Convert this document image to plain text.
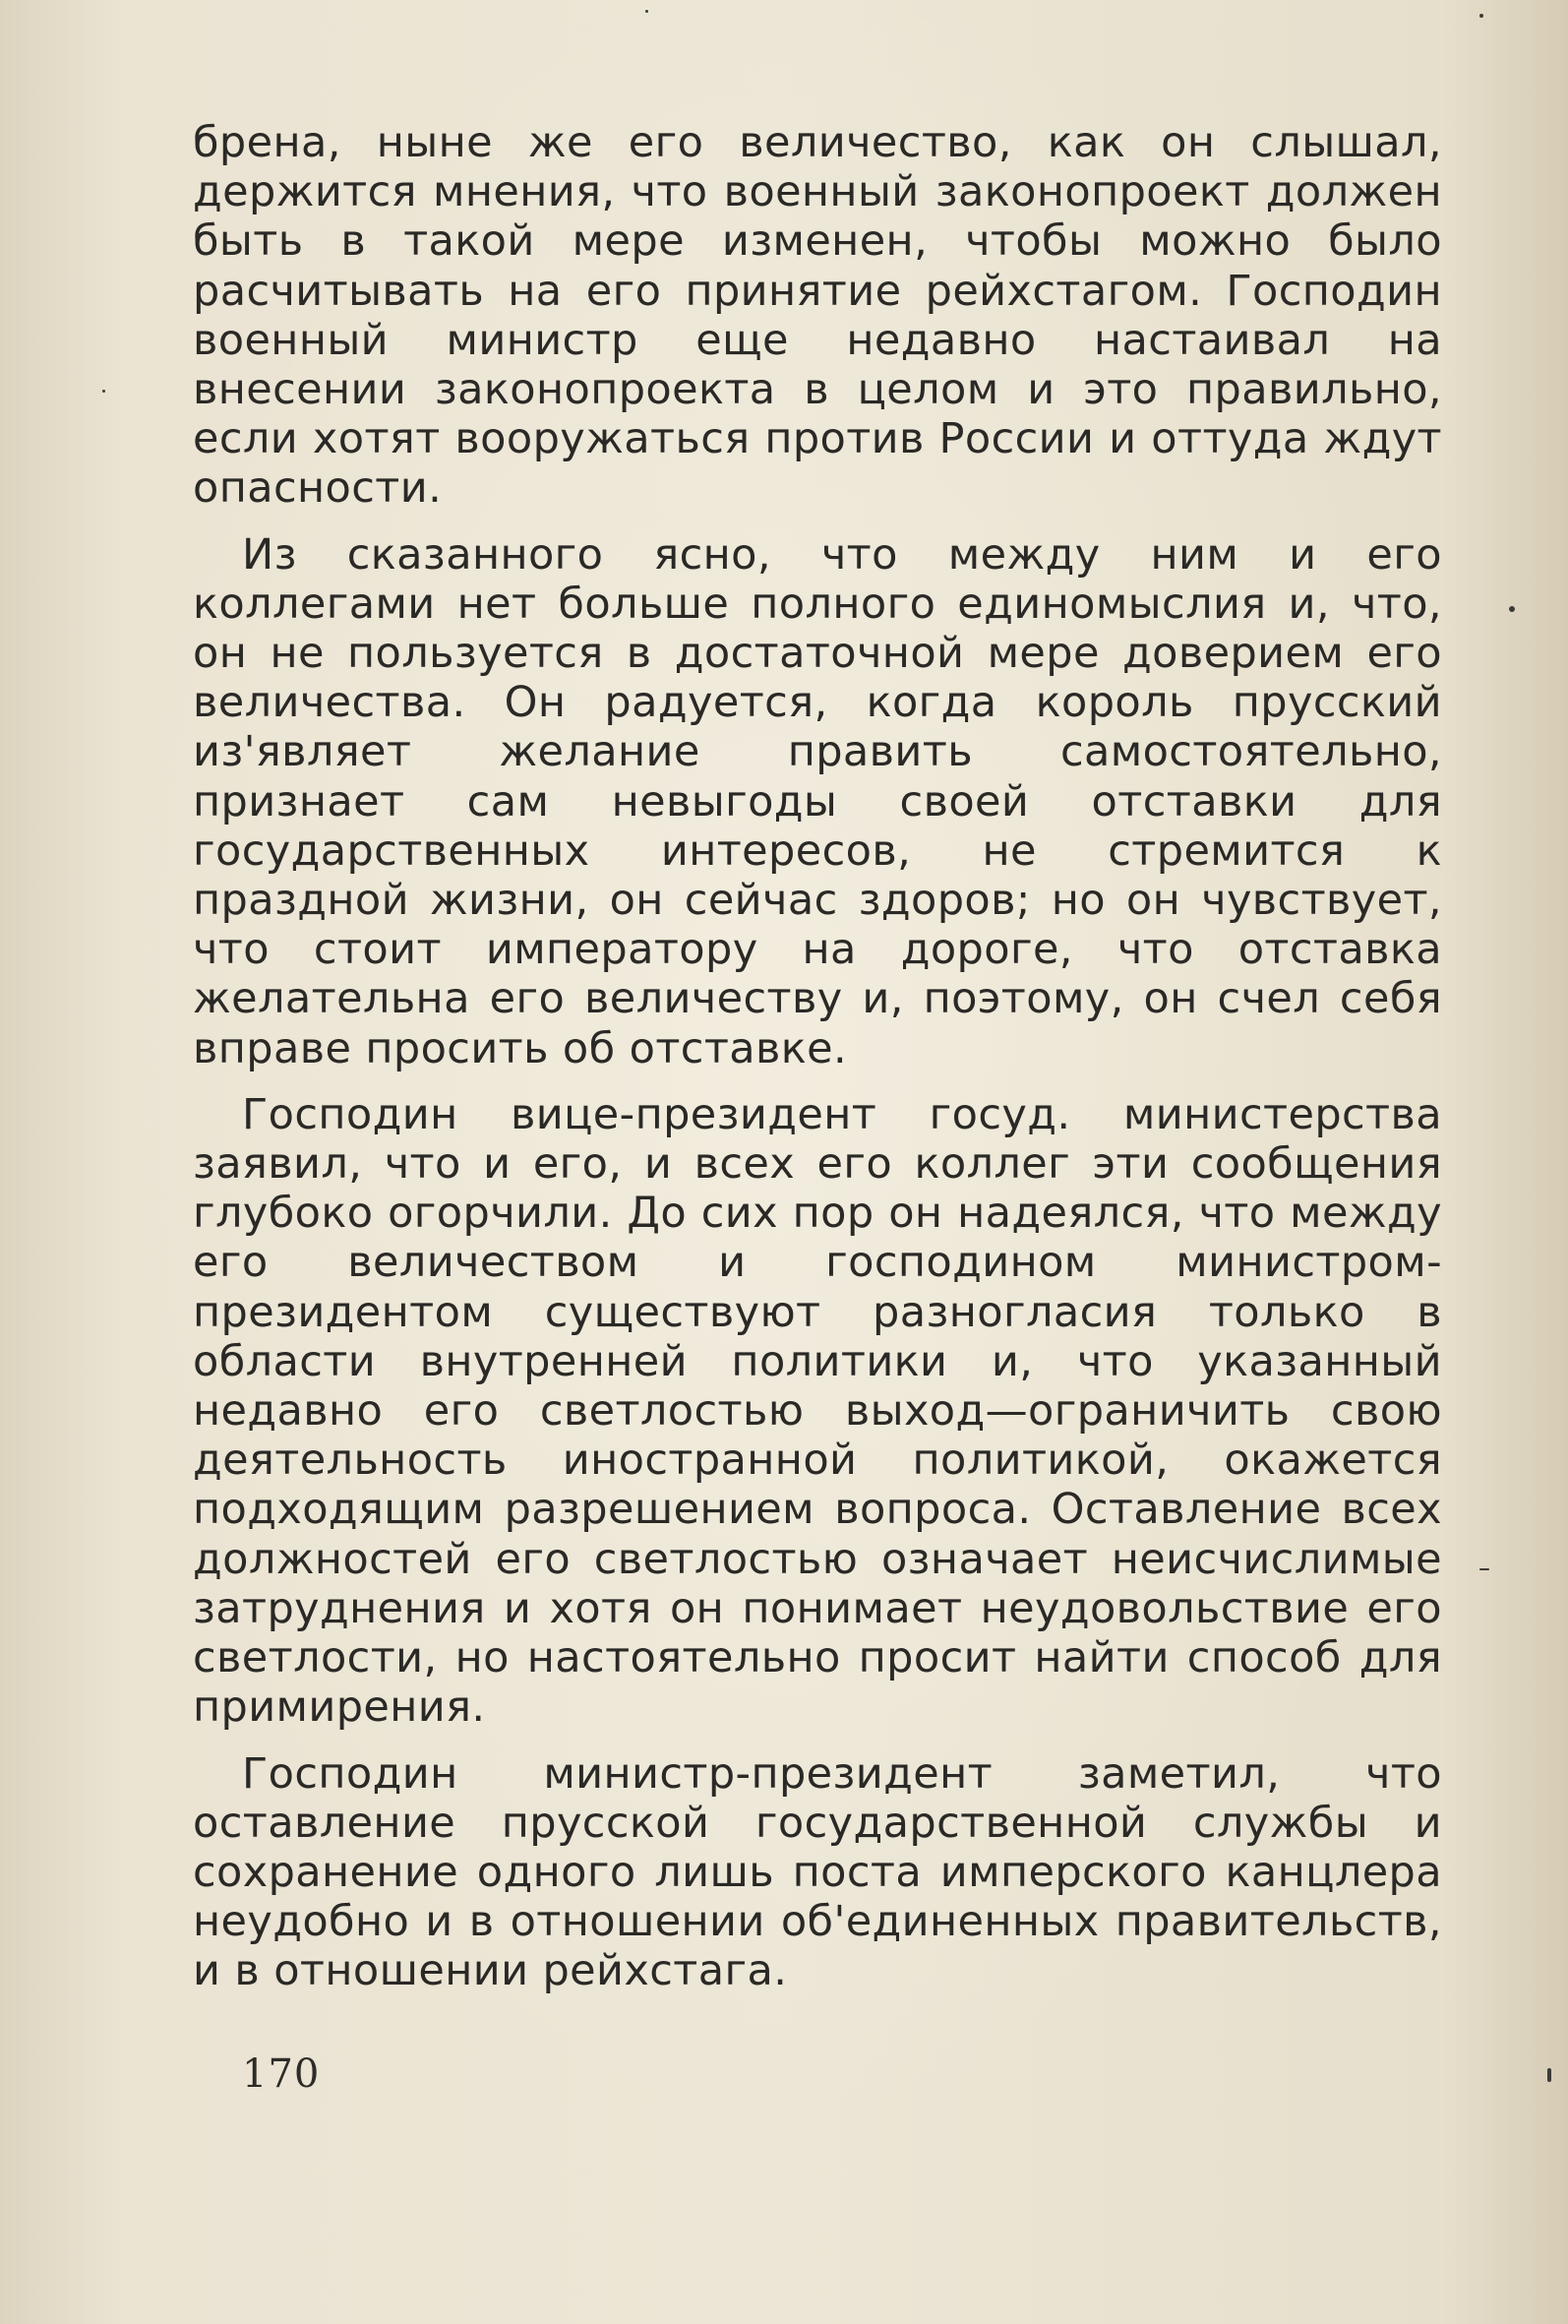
брена, ныне же его величество, как он слышал, держится мнения, что военный законопроект должен быть в такой мере изменен, чтобы можно было расчитывать на его принятие рейхстагом. Господин военный министр еще недавно настаивал на внесении законопроекта в целом и это правильно, если хотят вооружаться против России и оттуда ждут опасности.

Из сказанного ясно, что между ним и его коллегами нет больше полного единомыслия и, что, он не пользуется в достаточной мере доверием его величества. Он радуется, когда король прусский из'являет желание править самостоятельно, признает сам невыгоды своей отставки для государственных интересов, не стремится к праздной жизни, он сейчас здоров; но он чувствует, что стоит императору на дороге, что отставка желательна его величеству и, поэтому, он счел себя вправе просить об отставке.

Господин вице-президент госуд. министерства заявил, что и его, и всех его коллег эти сообщения глубоко огорчили. До сих пор он надеялся, что между его величеством и господином министром-президентом существуют разногласия только в области внутренней политики и, что указанный недавно его светлостью выход—ограничить свою деятельность иностранной политикой, окажется подходящим разрешением вопроса. Оставление всех должностей его светлостью означает неисчислимые затруднения и хотя он понимает неудовольствие его светлости, но настоятельно просит найти способ для примирения.

Господин министр-президент заметил, что оставление прусской государственной службы и сохранение одного лишь поста имперского канцлера неудобно и в отношении об'единенных правительств, и в отношении рейхстага.

170
